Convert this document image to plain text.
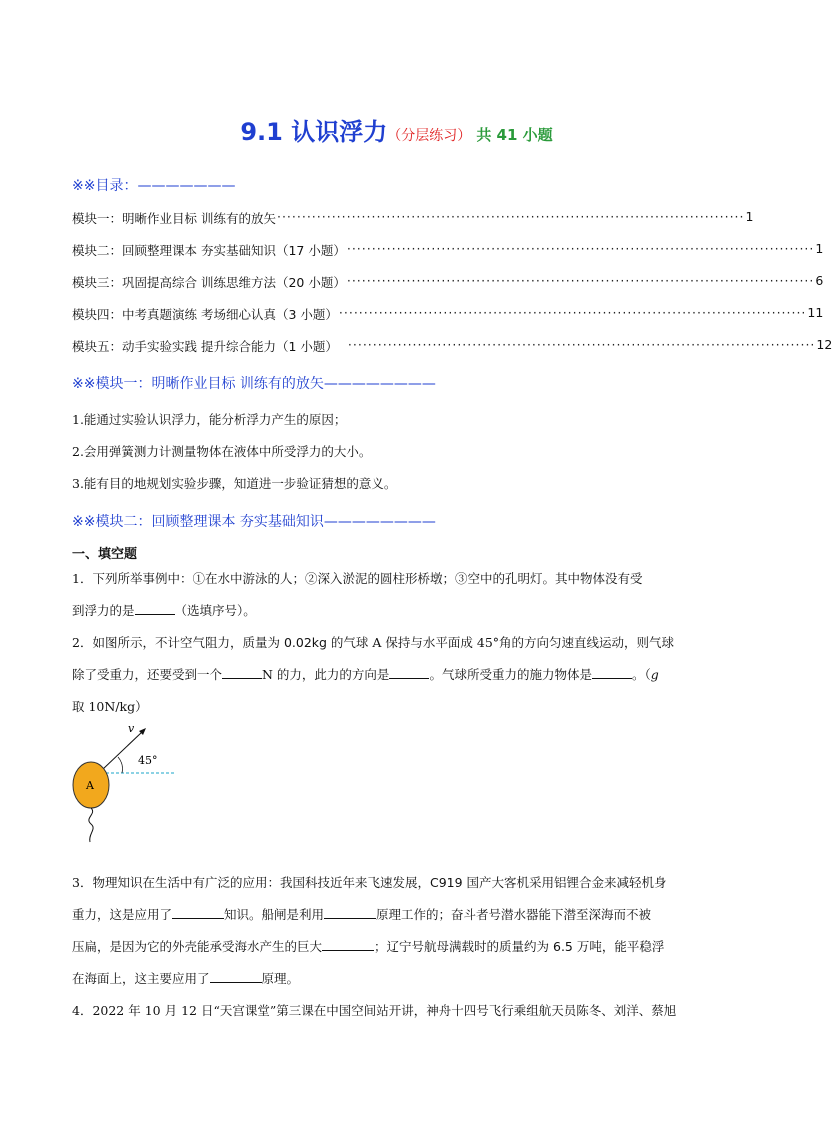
9.1 认识浮力（分层练习） 共 41 小题
※※目录：———————
模块一：明晰作业目标 训练有的放矢 ······························································································ 1
模块二：回顾整理课本 夯实基础知识（17 小题） ······························································································ 1
模块三：巩固提高综合 训练思维方法（20 小题） ······························································································ 6
模块四：中考真题演练 考场细心认真（3 小题） ······························································································ 11
模块五：动手实验实践 提升综合能力（1 小题） ······························································································ 12
※※模块一：明晰作业目标 训练有的放矢————————
1.能通过实验认识浮力，能分析浮力产生的原因；
2.会用弹簧测力计测量物体在液体中所受浮力的大小。
3.能有目的地规划实验步骤，知道进一步验证猜想的意义。
※※模块二：回顾整理课本 夯实基础知识————————
一、填空题
1．下列所举事例中：①在水中游泳的人；②深入淤泥的圆柱形桥墩；③空中的孔明灯。其中物体没有受
到浮力的是	（选填序号）。
2．如图所示，不计空气阻力，质量为 0.02kg 的气球 A 保持与水平面成 45°角的方向匀速直线运动，则气球
除了受重力，还要受到一个	N 的力，此力的方向是	。气球所受重力的施力物体是	。（g
取 10N/kg）
v
45°
A
3．物理知识在生活中有广泛的应用：我国科技近年来飞速发展，C919 国产大客机采用铝锂合金来减轻机身
重力，这是应用了	知识。船闸是利用	原理工作的；奋斗者号潜水器能下潜至深海而不被
压扁，是因为它的外壳能承受海水产生的巨大	；辽宁号航母满载时的质量约为 6.5 万吨，能平稳浮
在海面上，这主要应用了	原理。
4．2022 年 10 月 12 日“天宫课堂”第三课在中国空间站开讲，神舟十四号飞行乘组航天员陈冬、刘洋、蔡旭
